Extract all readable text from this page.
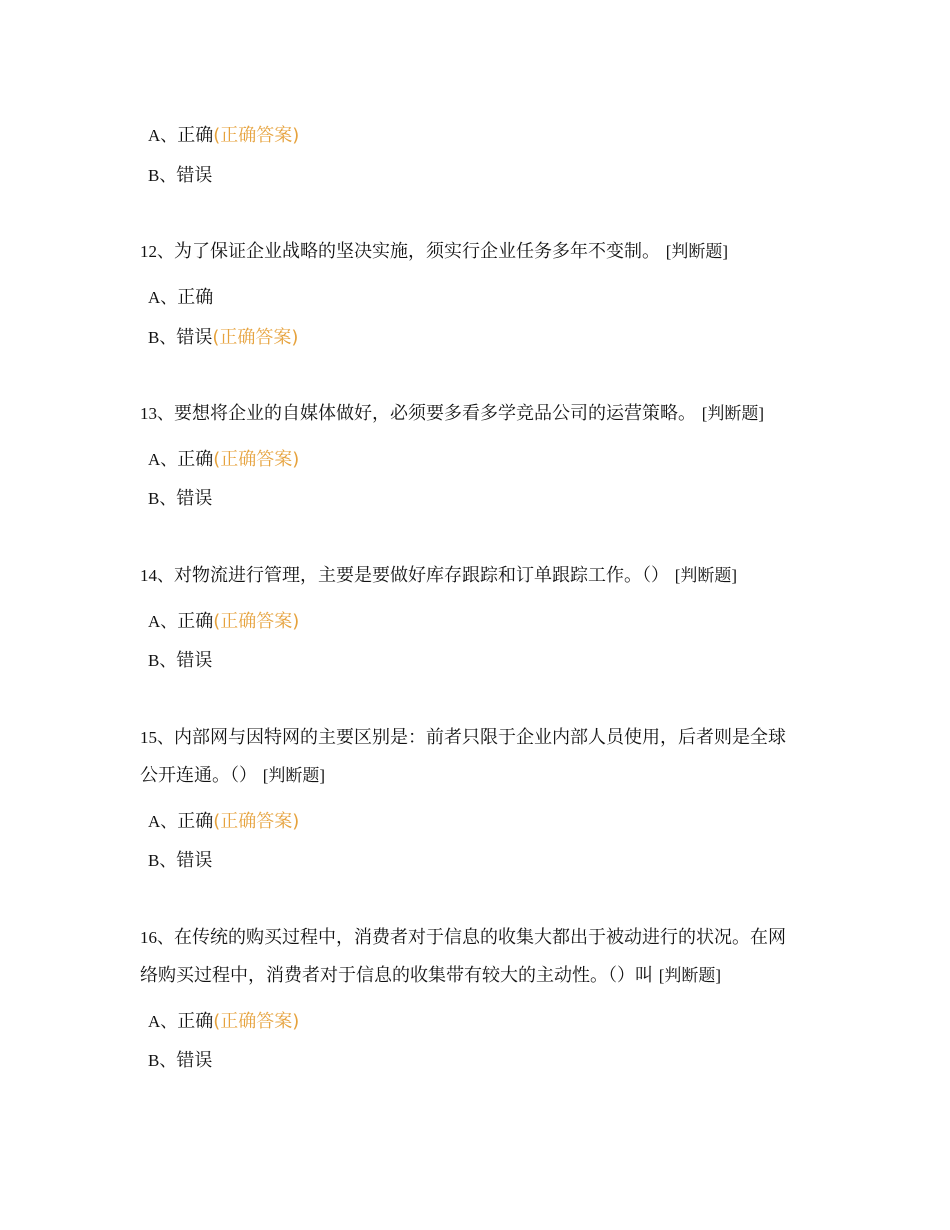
A、正确(正确答案)
B、错误
12、为了保证企业战略的坚决实施，须实行企业任务多年不变制。 [判断题]
A、正确
B、错误(正确答案)
13、要想将企业的自媒体做好，必须要多看多学竞品公司的运营策略。 [判断题]
A、正确(正确答案)
B、错误
14、对物流进行管理，主要是要做好库存跟踪和订单跟踪工作。（） [判断题]
A、正确(正确答案)
B、错误
15、内部网与因特网的主要区别是：前者只限于企业内部人员使用，后者则是全球
公开连通。（） [判断题]
A、正确(正确答案)
B、错误
16、在传统的购买过程中，消费者对于信息的收集大都出于被动进行的状况。在网
络购买过程中，消费者对于信息的收集带有较大的主动性。（）叫 [判断题]
A、正确(正确答案)
B、错误
